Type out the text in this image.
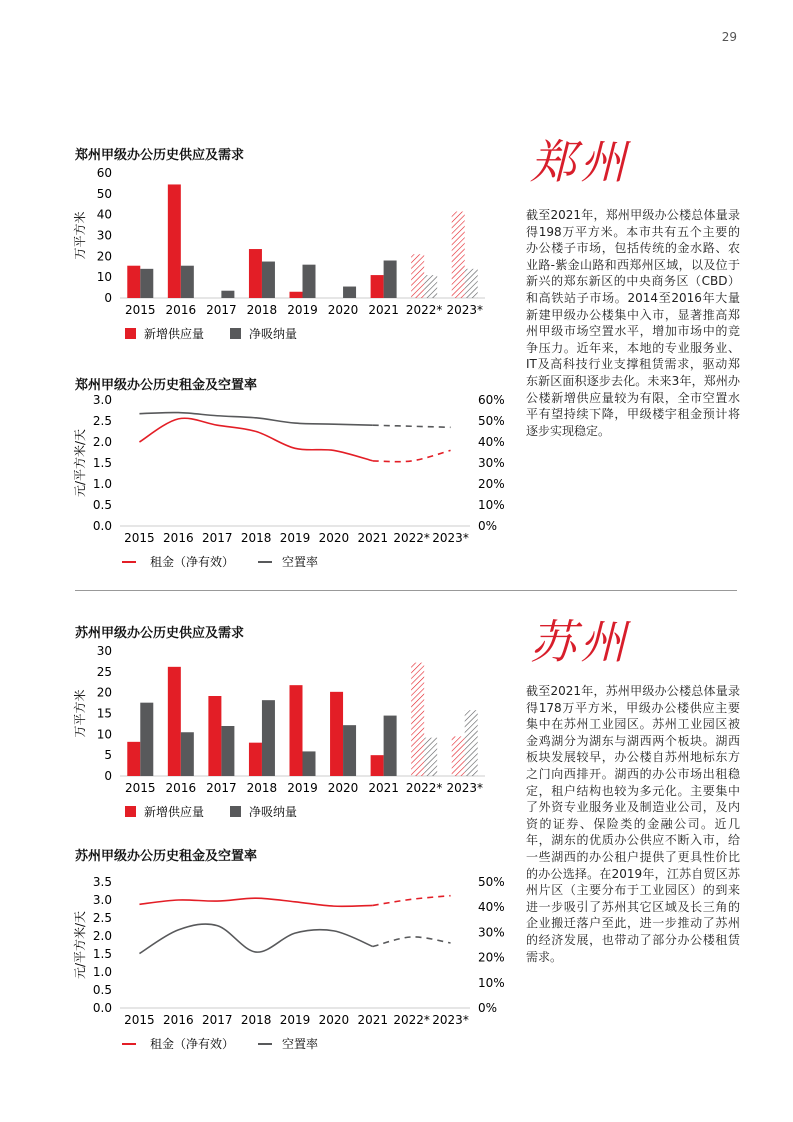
29
郑州甲级办公历史供应及需求
万平方米
0
10
20
30
40
50
60
2015 2016 2017 2018 2019 2020 2021 2022* 2023*
新增供应量	净吸纳量
郑州甲级办公历史租金及空置率
元/平方米/天
0.0
0.5
1.0
1.5
2.0
2.5
3.0
0%
10%
20%
30%
40%
50%
60%
2015 2016 2017 2018 2019 2020 2021 2022* 2023*
租金（净有效）	空置率
郑州

截至2021年，郑州甲级办公楼总体量录得198万平方米。本市共有五个主要的办公楼子市场，包括传统的金水路、农业路-紫金山路和西郑州区域，以及位于新兴的郑东新区的中央商务区（CBD）和高铁站子市场。2014至2016年大量新建甲级办公楼集中入市，显著推高郑州甲级市场空置水平，增加市场中的竞争压力。近年来，本地的专业服务业、IT及高科技行业支撑租赁需求，驱动郑东新区面积逐步去化。未来3年，郑州办公楼新增供应量较为有限，全市空置水平有望持续下降，甲级楼宇租金预计将逐步实现稳定。

苏州甲级办公历史供应及需求
万平方米
0
5
10
15
20
25
30
2015 2016 2017 2018 2019 2020 2021 2022* 2023*
新增供应量	净吸纳量
苏州甲级办公历史租金及空置率
元/平方米/天
0.0
0.5
1.0
1.5
2.0
2.5
3.0
3.5
0%
10%
20%
30%
40%
50%
2015 2016 2017 2018 2019 2020 2021 2022* 2023*
租金（净有效）	空置率
苏州

截至2021年，苏州甲级办公楼总体量录得178万平方米，甲级办公楼供应主要集中在苏州工业园区。苏州工业园区被金鸡湖分为湖东与湖西两个板块。湖西板块发展较早，办公楼自苏州地标东方之门向西排开。湖西的办公市场出租稳定，租户结构也较为多元化。主要集中了外资专业服务业及制造业公司，及内资的证券、保险类的金融公司。近几年，湖东的优质办公供应不断入市，给一些湖西的办公租户提供了更具性价比的办公选择。在2019年，江苏自贸区苏州片区（主要分布于工业园区）的到来进一步吸引了苏州其它区域及长三角的企业搬迁落户至此，进一步推动了苏州的经济发展，也带动了部分办公楼租赁需求。
